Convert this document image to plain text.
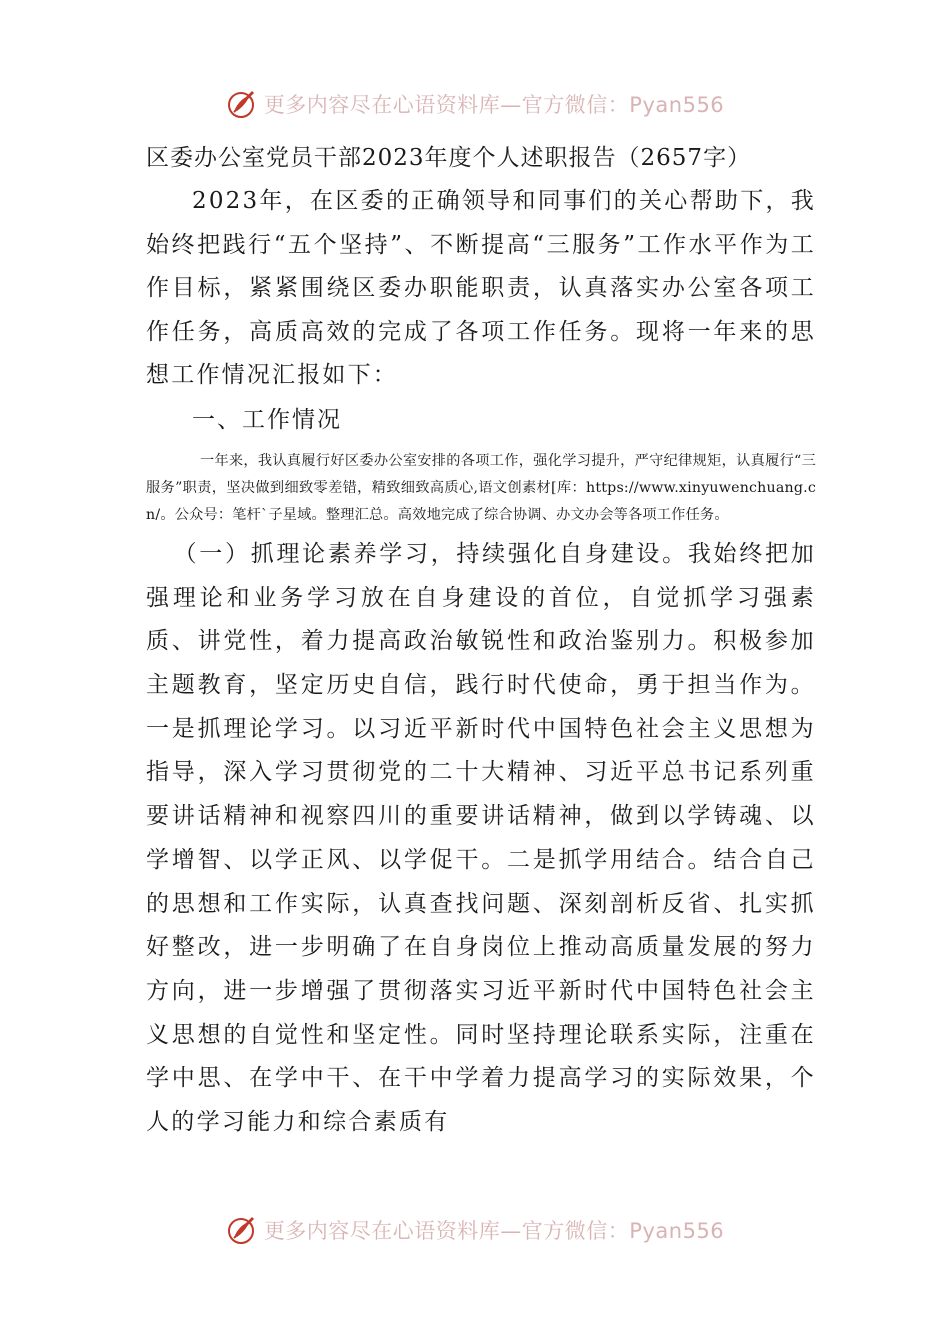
更多内容尽在心语资料库—官方微信：Pyan556

区委办公室党员干部2023年度个人述职报告（2657字）

2023年，在区委的正确领导和同事们的关心帮助下，我始终把践行“五个坚持”、不断提高“三服务”工作水平作为工作目标，紧紧围绕区委办职能职责，认真落实办公室各项工作任务，高质高效的完成了各项工作任务。现将一年来的思想工作情况汇报如下：

一、工作情况

一年来，我认真履行好区委办公室安排的各项工作，强化学习提升，严守纪律规矩，认真履行“三服务”职责，坚决做到细致零差错，精致细致高质心,语文创素材[库：https://www.xinyuwenchuang.cn/。公众号：笔杆`子星域。整理汇总。高效地完成了综合协调、办文办会等各项工作任务。

（一）抓理论素养学习，持续强化自身建设。我始终把加强理论和业务学习放在自身建设的首位，自觉抓学习强素质、讲党性，着力提高政治敏锐性和政治鉴别力。积极参加主题教育，坚定历史自信，践行时代使命，勇于担当作为。一是抓理论学习。以习近平新时代中国特色社会主义思想为指导，深入学习贯彻党的二十大精神、习近平总书记系列重要讲话精神和视察四川的重要讲话精神，做到以学铸魂、以学增智、以学正风、以学促干。二是抓学用结合。结合自己的思想和工作实际，认真查找问题、深刻剖析反省、扎实抓好整改，进一步明确了在自身岗位上推动高质量发展的努力方向，进一步增强了贯彻落实习近平新时代中国特色社会主义思想的自觉性和坚定性。同时坚持理论联系实际，注重在学中思、在学中干、在干中学着力提高学习的实际效果，个人的学习能力和综合素质有

更多内容尽在心语资料库—官方微信：Pyan556
